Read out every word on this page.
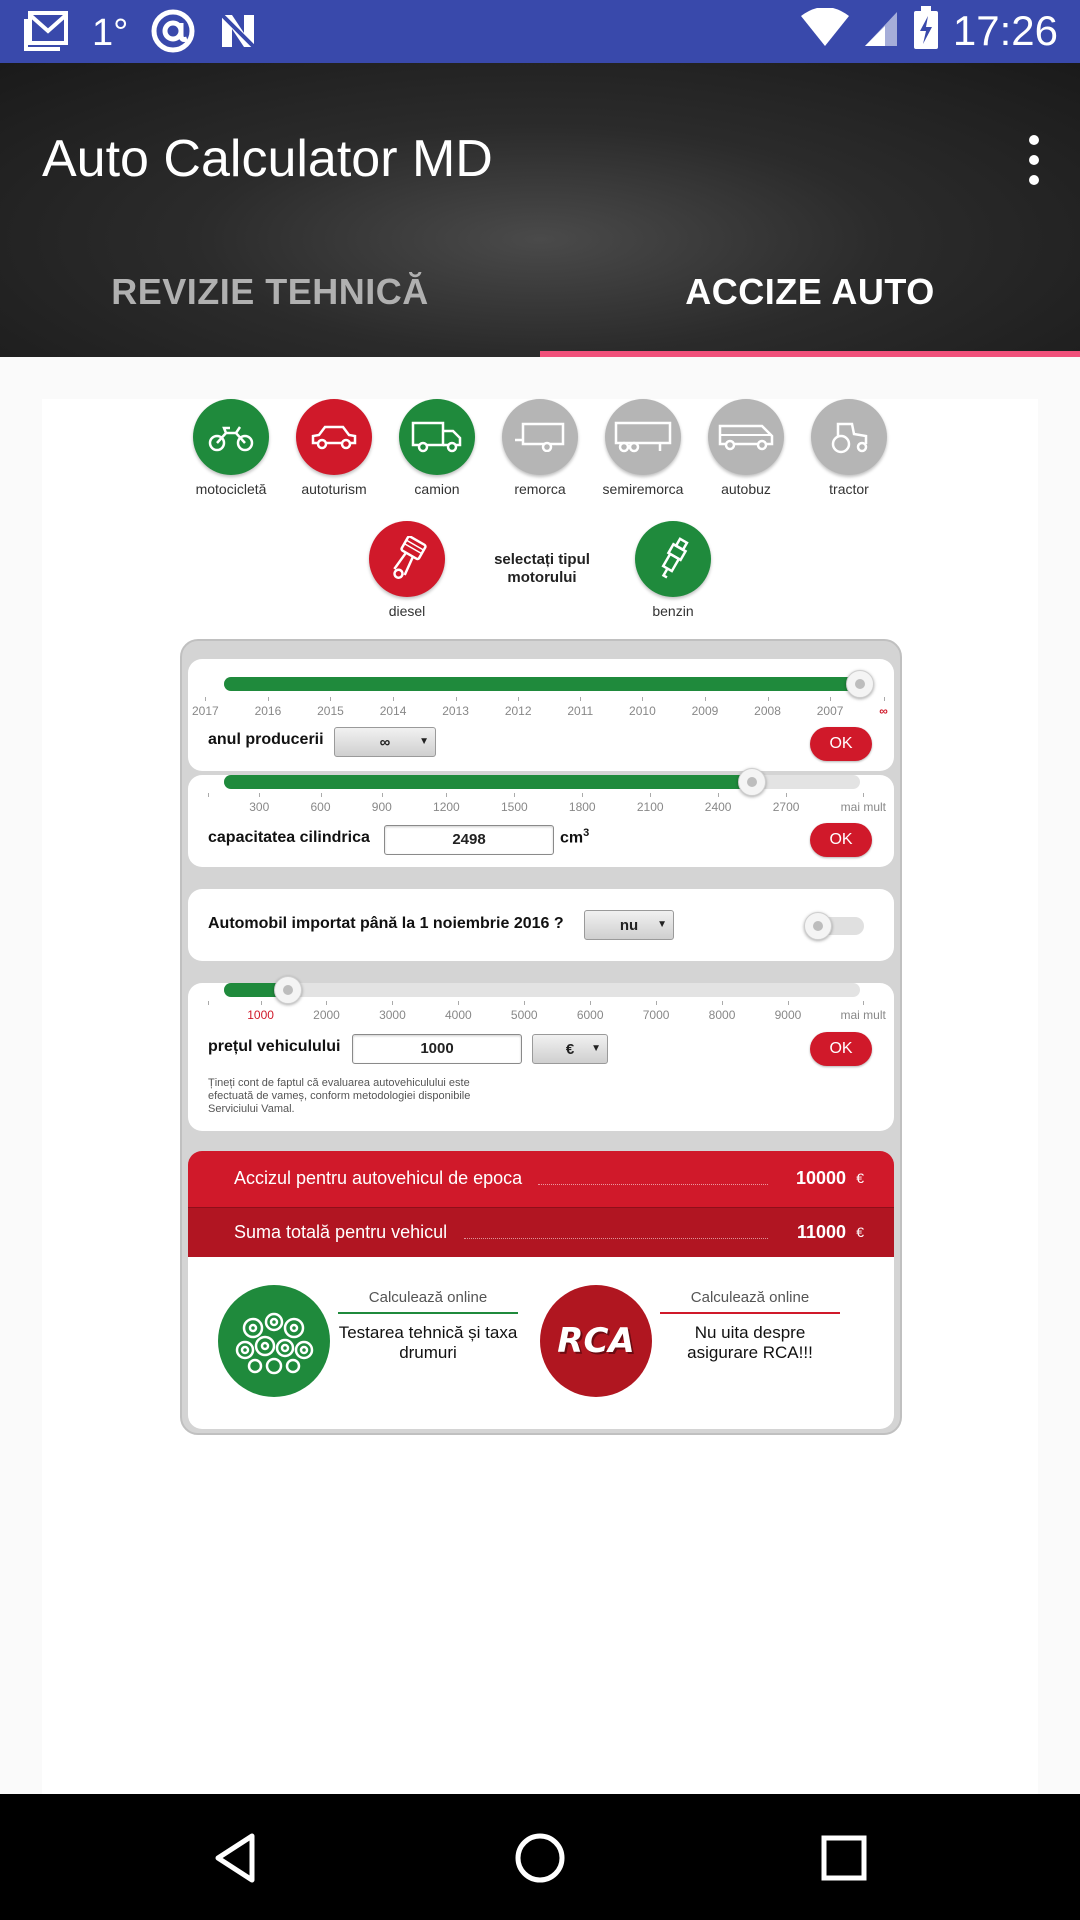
1°	17:26
Auto Calculator MD
REVIZIE TEHNICĂ	ACCIZE AUTO
motocicletă	autoturism	camion	remorca	semiremorca	autobuz	tractor
diesel
selectați tipul motorului
benzin
2017	2016	2015	2014	2013	2012	2011	2010	2009	2008	2007	∞
anul producerii	∞	▼	OK
300	600	900	1200	1500	1800	2100	2400	2700	mai mult
capacitatea cilindrica	2498	$cm^3$	OK
Automobil importat până la 1 noiembrie 2016 ?	nu ▼
1000	2000	3000	4000	5000	6000	7000	8000	9000	mai mult
prețul vehiculului	1000	€ ▼	OK
Țineți cont de faptul că evaluarea autovehiculului este efectuată de vameș, conform metodologiei disponibile Serviciului Vamal.
Accizul pentru autovehicul de epoca	10000 €
Suma totală pentru vehicul	11000 €
Calculează online
Testarea tehnică și taxa drumuri	RCA
Calculează online
Nu uita despre asigurare RCA!!!
